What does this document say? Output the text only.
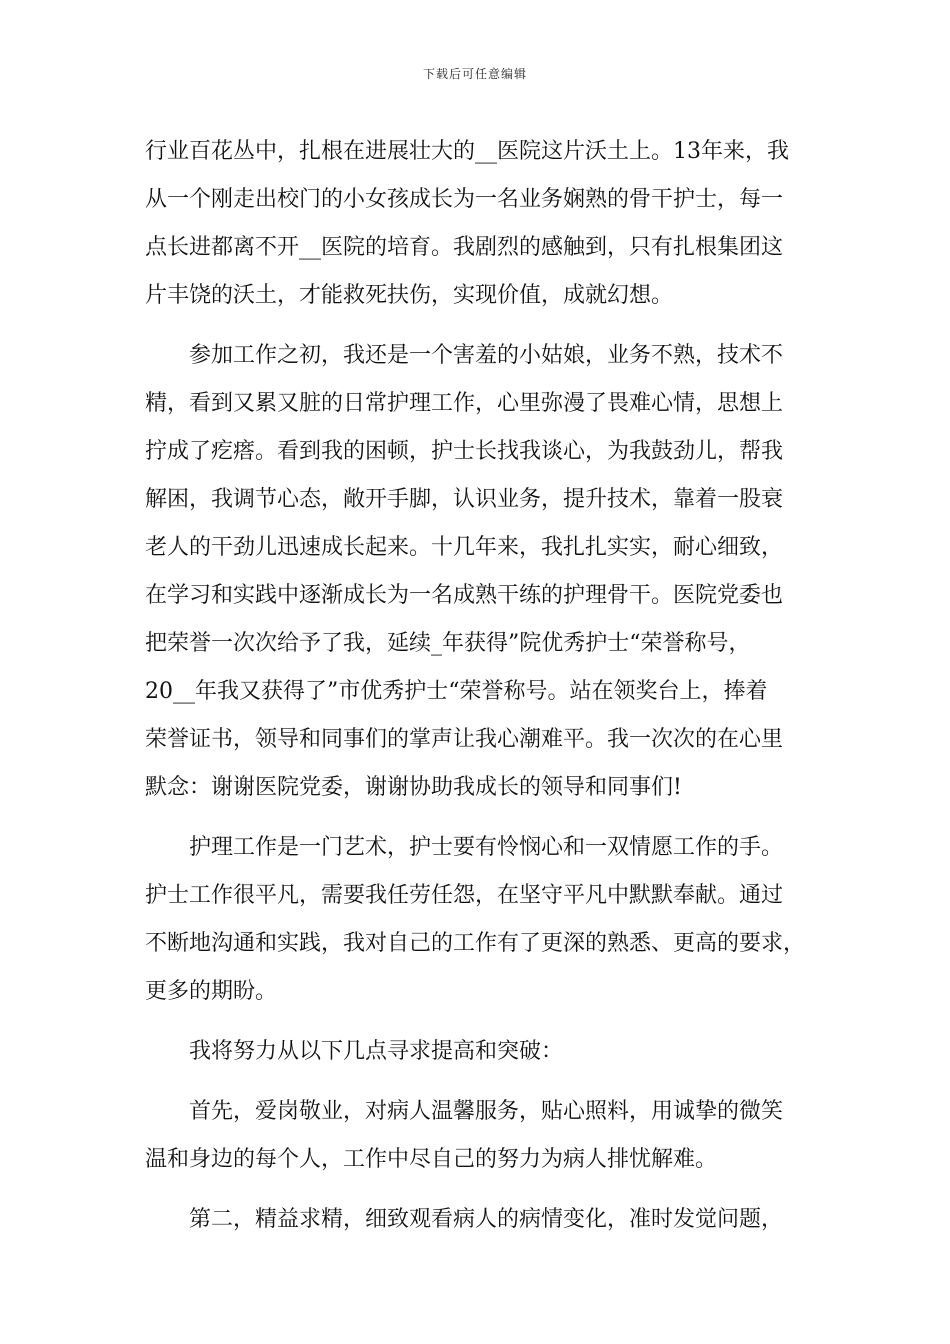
下载后可任意编辑
行业百花丛中，扎根在进展壮大的__医院这片沃土上。13年来，我
从一个刚走出校门的小女孩成长为一名业务娴熟的骨干护士，每一
点长进都离不开__医院的培育。我剧烈的感触到，只有扎根集团这
片丰饶的沃土，才能救死扶伤，实现价值，成就幻想。
参加工作之初，我还是一个害羞的小姑娘，业务不熟，技术不
精，看到又累又脏的日常护理工作，心里弥漫了畏难心情，思想上
拧成了疙瘩。看到我的困顿，护士长找我谈心，为我鼓劲儿，帮我
解困，我调节心态，敞开手脚，认识业务，提升技术，靠着一股衰
老人的干劲儿迅速成长起来。十几年来，我扎扎实实，耐心细致，
在学习和实践中逐渐成长为一名成熟干练的护理骨干。医院党委也
把荣誉一次次给予了我，延续_年获得”院优秀护士“荣誉称号，
20__年我又获得了”市优秀护士“荣誉称号。站在领奖台上，捧着
荣誉证书，领导和同事们的掌声让我心潮难平。我一次次的在心里
默念：谢谢医院党委，谢谢协助我成长的领导和同事们!
护理工作是一门艺术，护士要有怜悯心和一双情愿工作的手。
护士工作很平凡，需要我任劳任怨，在坚守平凡中默默奉献。通过
不断地沟通和实践，我对自己的工作有了更深的熟悉、更高的要求，
更多的期盼。
我将努力从以下几点寻求提高和突破：
首先，爱岗敬业，对病人温馨服务，贴心照料，用诚挚的微笑
温和身边的每个人，工作中尽自己的努力为病人排忧解难。
第二，精益求精，细致观看病人的病情变化，准时发觉问题，
